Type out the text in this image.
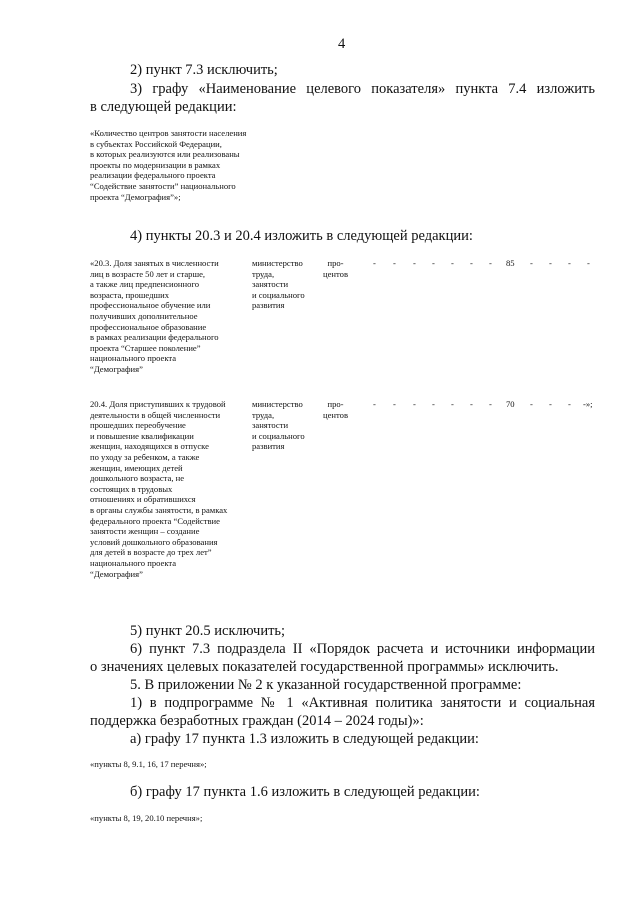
4
2) пункт 7.3 исключить;
3) графу «Наименование целевого показателя» пункта 7.4 изложить
в следующей редакции:
«Количество центров занятости населения
в субъектах Российской Федерации,
в которых реализуются или реализованы
проекты по модернизации в рамках
реализации федерального проекта
“Содействие занятости” национального
проекта “Демография”»;
4) пункты 20.3 и 20.4 изложить в следующей редакции:
«20.3. Доля занятых в численности
лиц в возрасте 50 лет и старше,
а также лиц предпенсионного
возраста, прошедших
профессиональное обучение или
получивших дополнительное
профессиональное образование
в рамках реализации федерального
проекта “Старшее поколение”
национального проекта
“Демография”
министерство
труда,
занятости
и социального
развития
про-
центов
- - - - - - - 85 - - - -
20.4. Доля приступивших к трудовой
деятельности в общей численности
прошедших переобучение
и повышение квалификации
женщин, находящихся в отпуске
по уходу за ребенком, а также
женщин, имеющих детей
дошкольного возраста, не
состоящих в трудовых
отношениях и обратившихся
в органы службы занятости, в рамках
федерального проекта “Содействие
занятости женщин – создание
условий дошкольного образования
для детей в возрасте до трех лет”
национального проекта
“Демография”
министерство
труда,
занятости
и социального
развития
про-
центов
- - - - - - - 70 - - - -»;
5) пункт 20.5 исключить;
6) пункт 7.3 подраздела II «Порядок расчета и источники информации
о значениях целевых показателей государственной программы» исключить.
5. В приложении № 2 к указанной государственной программе:
1) в подпрограмме № 1 «Активная политика занятости и социальная
поддержка безработных граждан (2014 – 2024 годы)»:
а) графу 17 пункта 1.3 изложить в следующей редакции:
«пункты 8, 9.1, 16, 17 перечня»;
б) графу 17 пункта 1.6 изложить в следующей редакции:
«пункты 8, 19, 20.10 перечня»;
